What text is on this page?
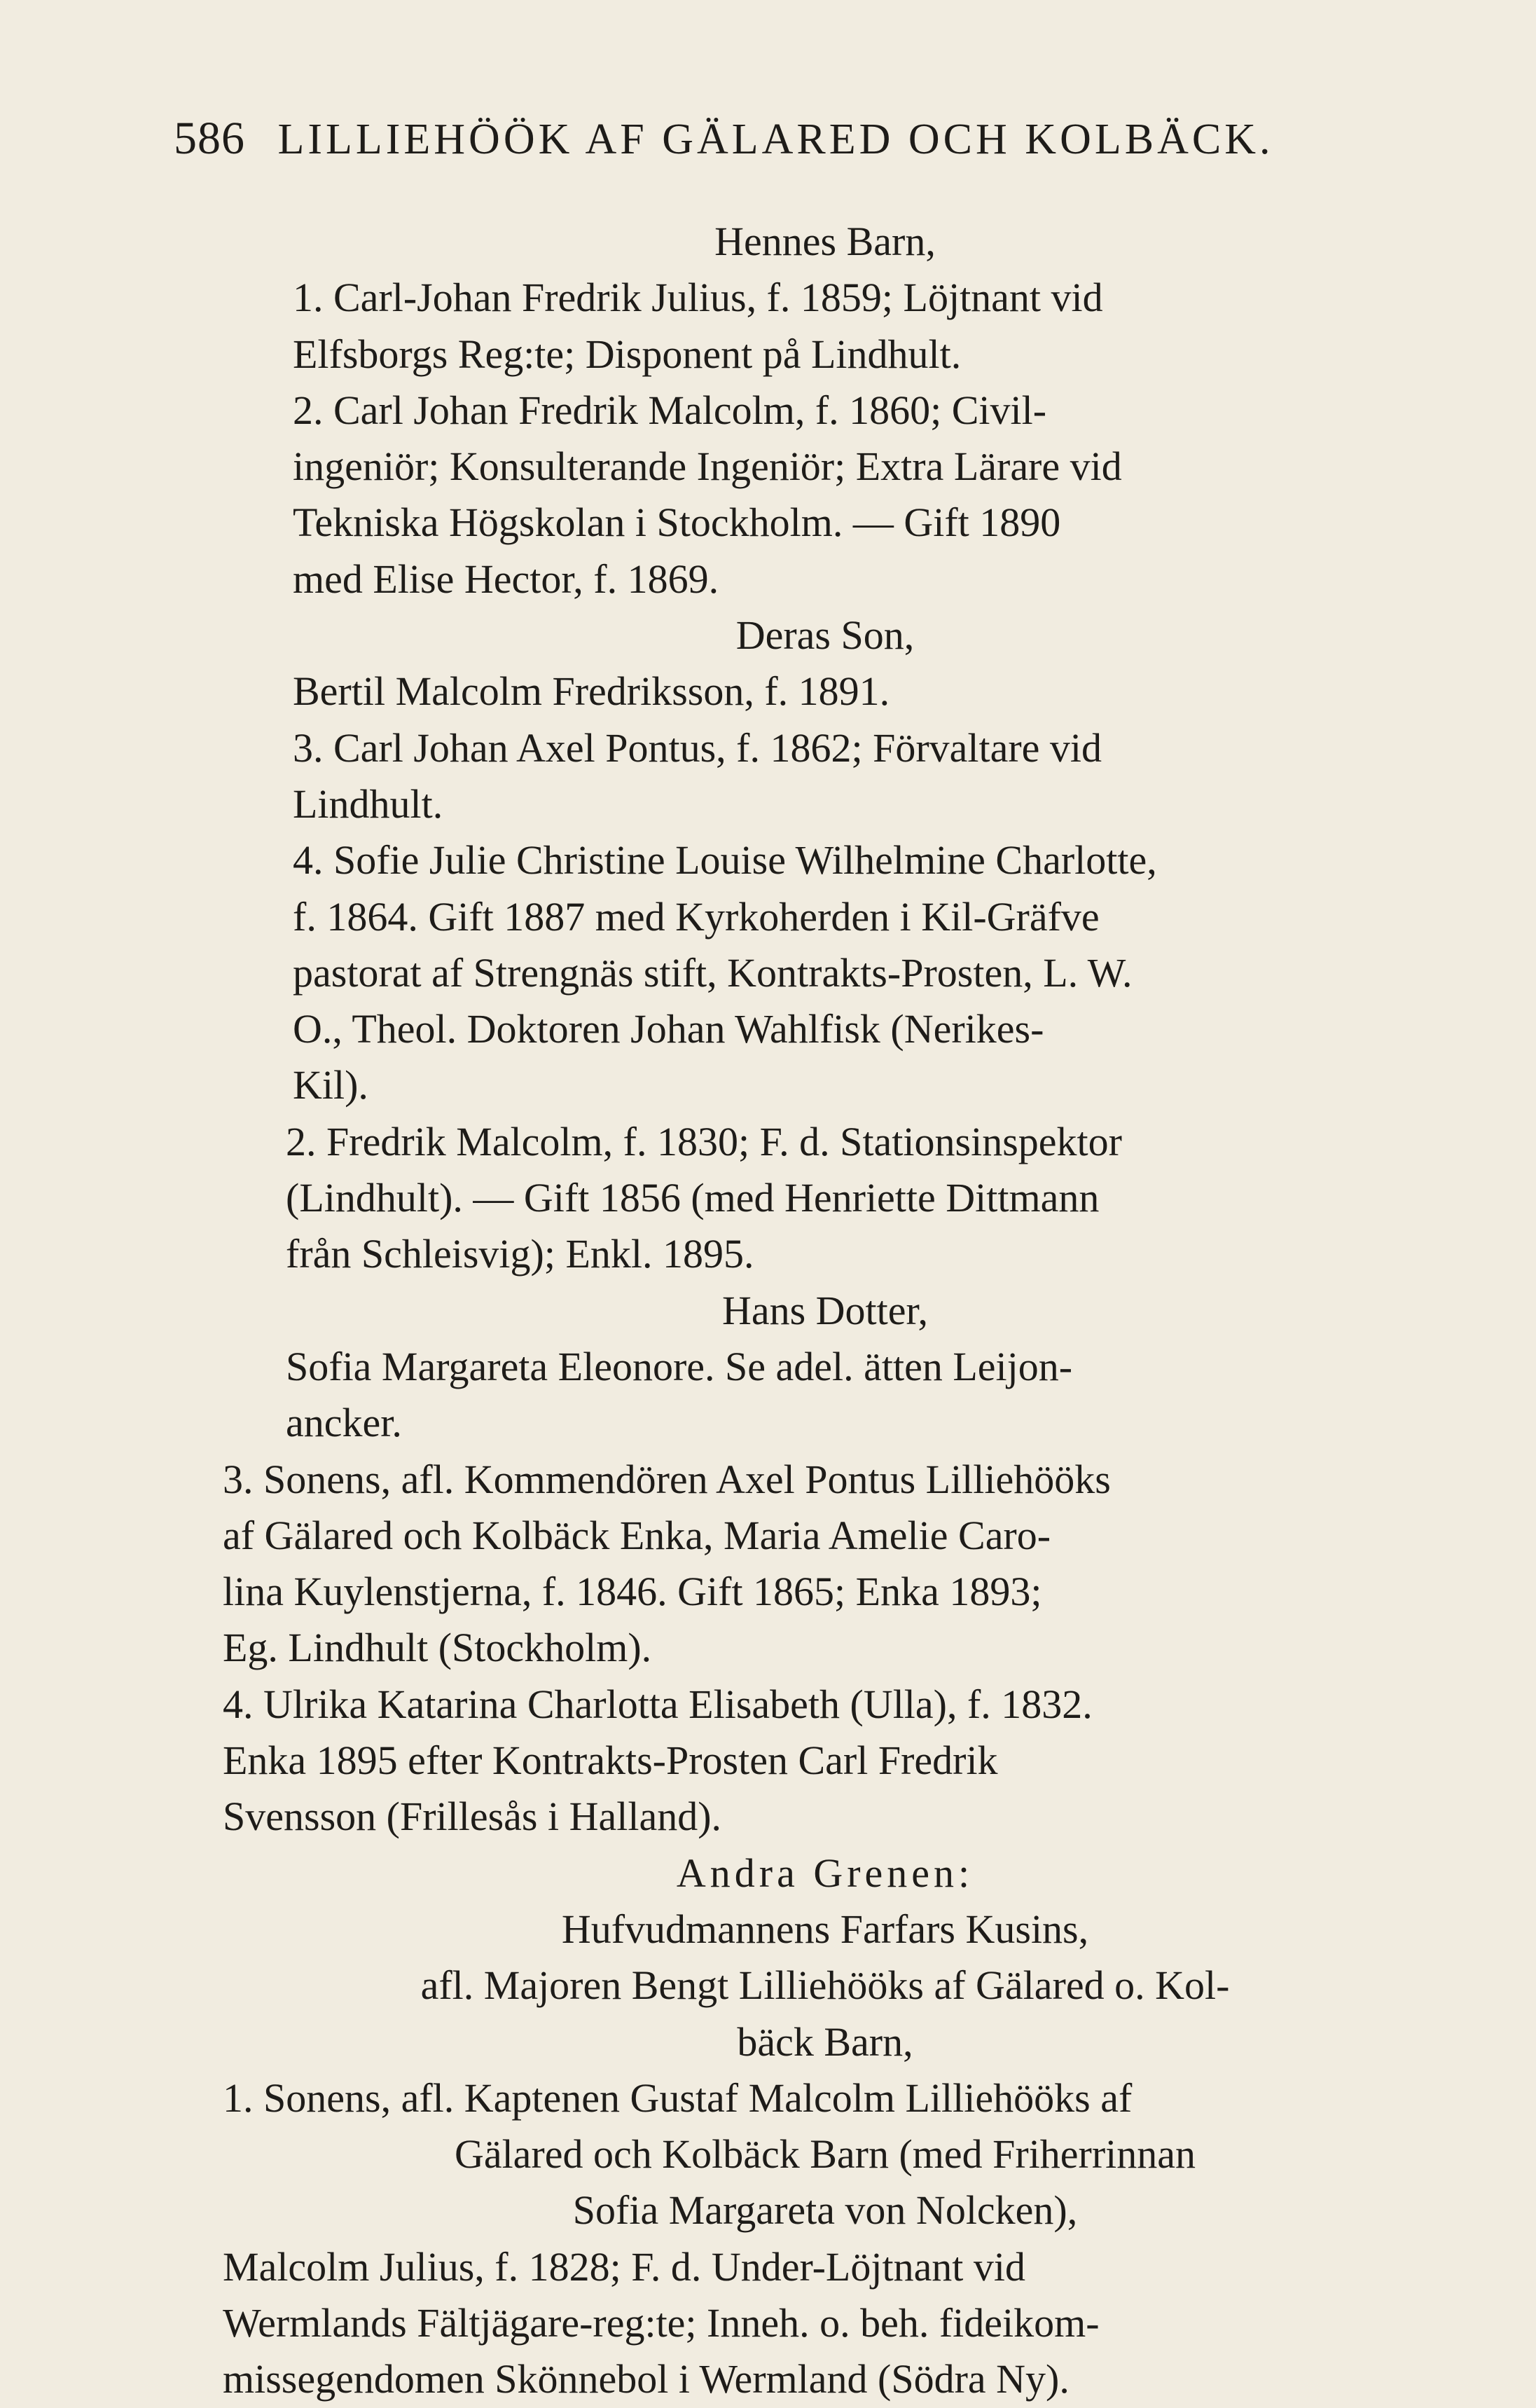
586 LILLIEHÖÖK AF GÄLARED OCH KOLBÄCK.
Hennes Barn,
1. Carl-Johan Fredrik Julius, f. 1859; Löjtnant vid
Elfsborgs Reg:te; Disponent på Lindhult.
2. Carl Johan Fredrik Malcolm, f. 1860; Civil-
ingeniör; Konsulterande Ingeniör; Extra Lärare vid
Tekniska Högskolan i Stockholm. — Gift 1890
med Elise Hector, f. 1869.
Deras Son,
Bertil Malcolm Fredriksson, f. 1891.
3. Carl Johan Axel Pontus, f. 1862; Förvaltare vid
Lindhult.
4. Sofie Julie Christine Louise Wilhelmine Charlotte,
f. 1864. Gift 1887 med Kyrkoherden i Kil-Gräfve
pastorat af Strengnäs stift, Kontrakts-Prosten, L. W.
O., Theol. Doktoren Johan Wahlfisk (Nerikes-
Kil).
2. Fredrik Malcolm, f. 1830; F. d. Stationsinspektor
(Lindhult). — Gift 1856 (med Henriette Dittmann
från Schleisvig); Enkl. 1895.
Hans Dotter,
Sofia Margareta Eleonore. Se adel. ätten Leijon-
ancker.
3. Sonens, afl. Kommendören Axel Pontus Lilliehööks
af Gälared och Kolbäck Enka, Maria Amelie Caro-
lina Kuylenstjerna, f. 1846. Gift 1865; Enka 1893;
Eg. Lindhult (Stockholm).
4. Ulrika Katarina Charlotta Elisabeth (Ulla), f. 1832.
Enka 1895 efter Kontrakts-Prosten Carl Fredrik
Svensson (Frillesås i Halland).
Andra Grenen:
Hufvudmannens Farfars Kusins,
afl. Majoren Bengt Lilliehööks af Gälared o. Kol-
bäck Barn,
1. Sonens, afl. Kaptenen Gustaf Malcolm Lilliehööks af
Gälared och Kolbäck Barn (med Friherrinnan
Sofia Margareta von Nolcken),
Malcolm Julius, f. 1828; F. d. Under-Löjtnant vid
Wermlands Fältjägare-reg:te; Inneh. o. beh. fideikom-
missegendomen Skönnebol i Wermland (Södra Ny).
